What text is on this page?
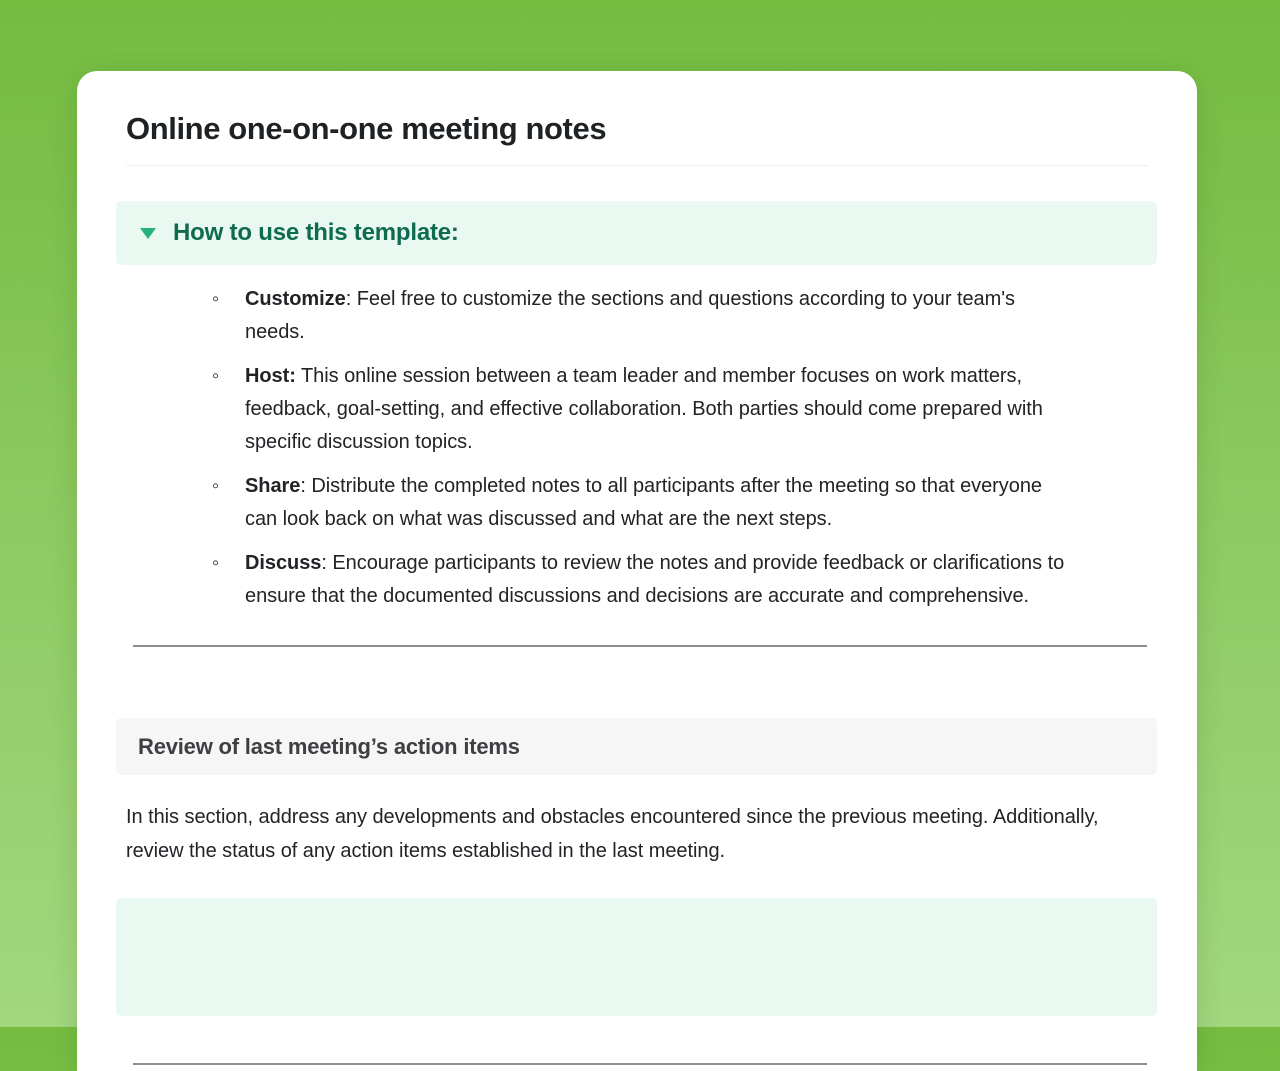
Online one-on-one meeting notes
How to use this template:
◦ Customize: Feel free to customize the sections and questions according to your team's needs.
◦ Host: This online session between a team leader and member focuses on work matters, feedback, goal-setting, and effective collaboration. Both parties should come prepared with specific discussion topics.
◦ Share: Distribute the completed notes to all participants after the meeting so that everyone can look back on what was discussed and what are the next steps.
◦ Discuss: Encourage participants to review the notes and provide feedback or clarifications to ensure that the documented discussions and decisions are accurate and comprehensive.
Review of last meeting’s action items

In this section, address any developments and obstacles encountered since the previous meeting. Additionally, review the status of any action items established in the last meeting.
